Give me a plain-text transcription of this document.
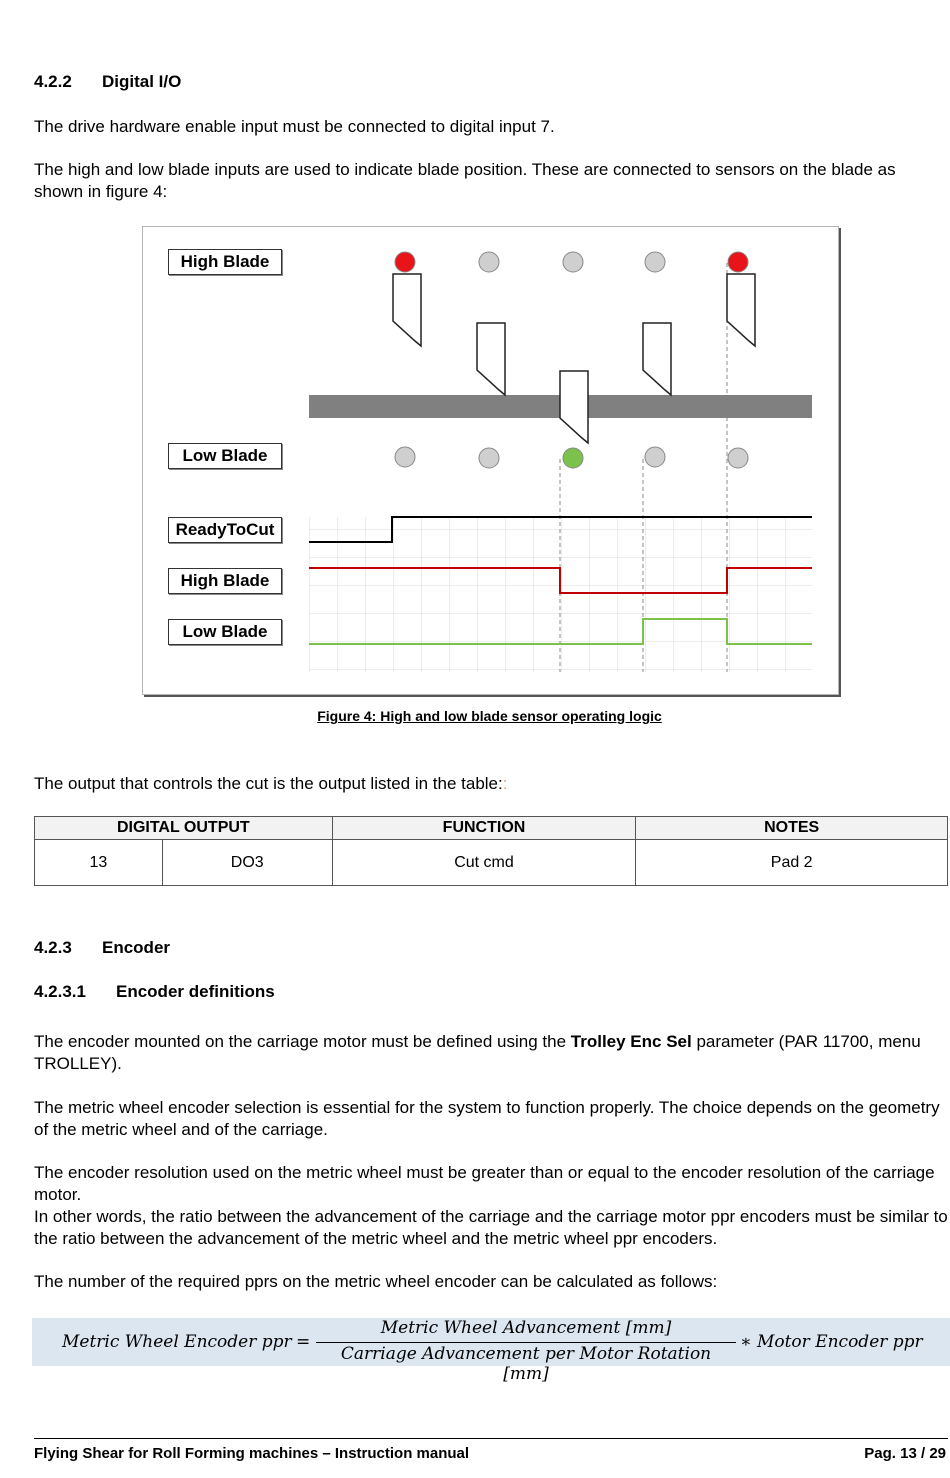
4.2.2 Digital I/O
The drive hardware enable input must be connected to digital input 7.
The high and low blade inputs are used to indicate blade position. These are connected to sensors on the blade as shown in figure 4:
High Blade
Low Blade
ReadyToCut
High Blade
Low Blade
Figure 4: High and low blade sensor operating logic
The output that controls the cut is the output listed in the table::
DIGITAL OUTPUT		FUNCTION	NOTES
13	DO3	Cut cmd	Pad 2
4.2.3 Encoder
4.2.3.1 Encoder definitions
The encoder mounted on the carriage motor must be defined using the Trolley Enc Sel parameter (PAR 11700, menu TROLLEY).
The metric wheel encoder selection is essential for the system to function properly. The choice depends on the geometry of the metric wheel and of the carriage.
The encoder resolution used on the metric wheel must be greater than or equal to the encoder resolution of the carriage motor.
In other words, the ratio between the advancement of the carriage and the carriage motor ppr encoders must be similar to the ratio between the advancement of the metric wheel and the metric wheel ppr encoders.
The number of the required pprs on the metric wheel encoder can be calculated as follows:
Metric Wheel Encoder ppr =
Metric Wheel Advancement [mm]
Carriage Advancement per Motor Rotation [mm]
∗ Motor Encoder ppr
Flying Shear for Roll Forming machines – Instruction manual	Pag. 13 / 29
